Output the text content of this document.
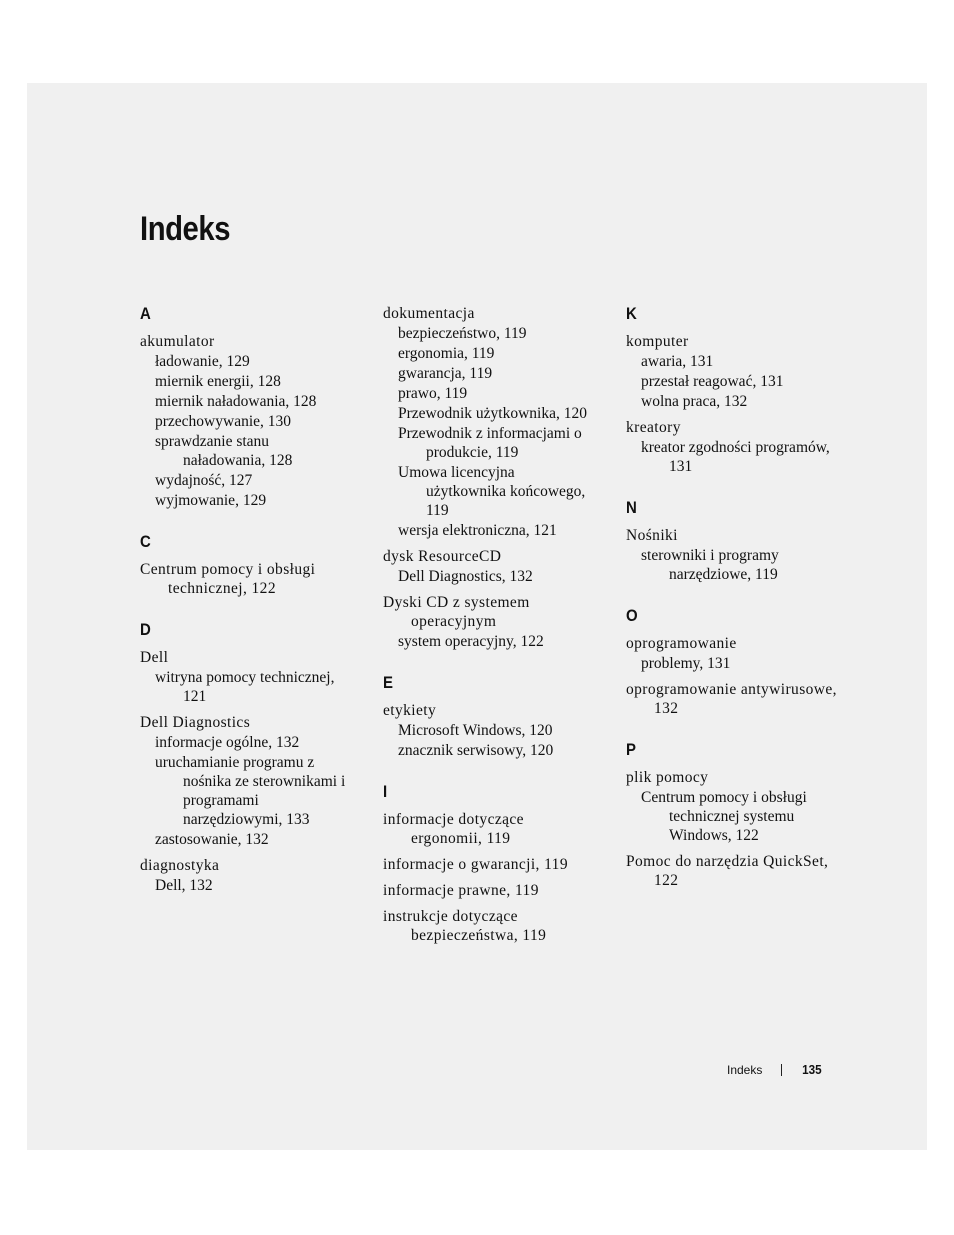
Indeks
A
akumulator
ładowanie, 129
miernik energii, 128
miernik naładowania, 128
przechowywanie, 130
sprawdzanie stanu naładowania, 128
wydajność, 127
wyjmowanie, 129
C
Centrum pomocy i obsługi technicznej, 122
D
Dell
witryna pomocy technicznej, 121
Dell Diagnostics
informacje ogólne, 132
uruchamianie programu z nośnika ze sterownikami i programami narzędziowymi, 133
zastosowanie, 132
diagnostyka
Dell, 132
dokumentacja
bezpieczeństwo, 119
ergonomia, 119
gwarancja, 119
prawo, 119
Przewodnik użytkownika, 120
Przewodnik z informacjami o produkcie, 119
Umowa licencyjna użytkownika końcowego, 119
wersja elektroniczna, 121
dysk ResourceCD
Dell Diagnostics, 132
Dyski CD z systemem operacyjnym
system operacyjny, 122
E
etykiety
Microsoft Windows, 120
znacznik serwisowy, 120
I
informacje dotyczące ergonomii, 119
informacje o gwarancji, 119
informacje prawne, 119
instrukcje dotyczące bezpieczeństwa, 119
K
komputer
awaria, 131
przestał reagować, 131
wolna praca, 132
kreatory
kreator zgodności programów, 131
N
Nośniki
sterowniki i programy narzędziowe, 119
O
oprogramowanie
problemy, 131
oprogramowanie antywirusowe, 132
P
plik pomocy
Centrum pomocy i obsługi technicznej systemu Windows, 122
Pomoc do narzędzia QuickSet, 122
Indeks	135
